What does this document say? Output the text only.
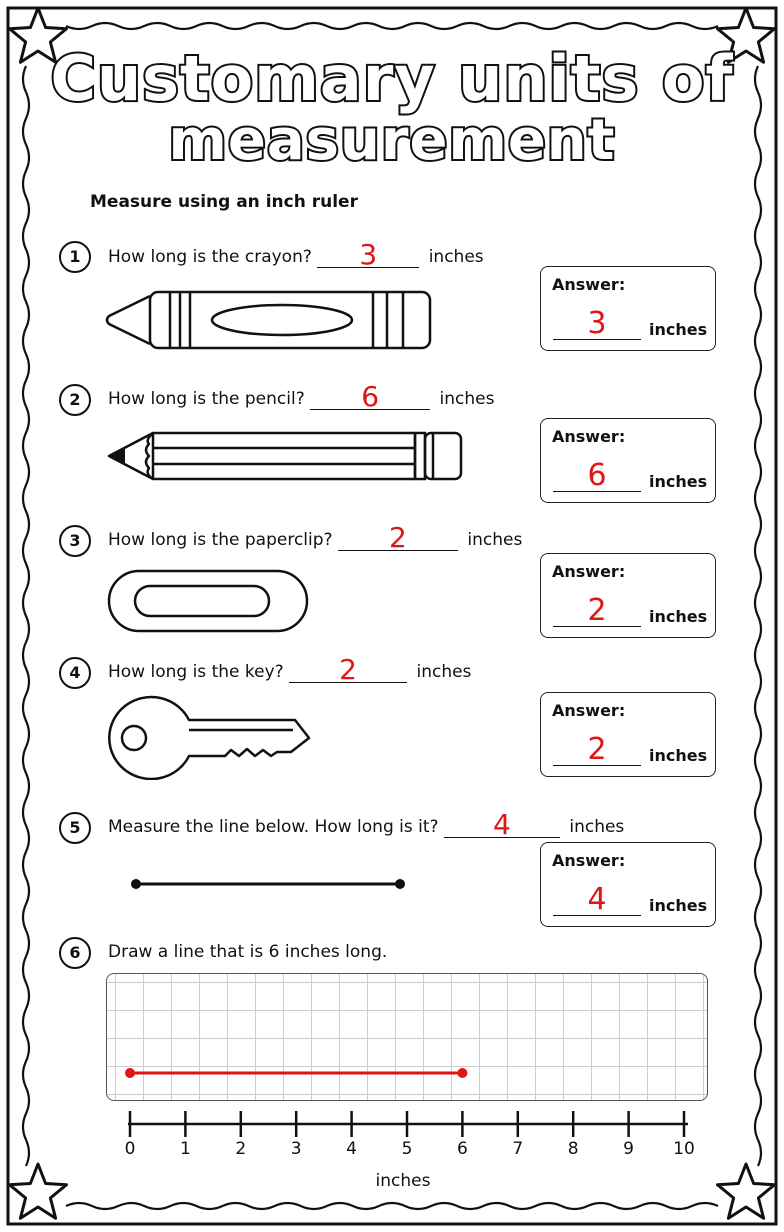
Customary units of
measurement
Measure using an inch ruler
1	How long is the crayon?	3	inches
Answer:
3	inches
2	How long is the pencil?	6	inches
Answer:
6	inches
3	How long is the paperclip?	2	inches
Answer:
2	inches
4	How long is the key?	2	inches
Answer:
2	inches
5	Measure the line below. How long is it?	4	inches
Answer:
4	inches
6	Draw a line that is 6 inches long.
0	1	2	3	4	5	6	7	8	9	10
inches
